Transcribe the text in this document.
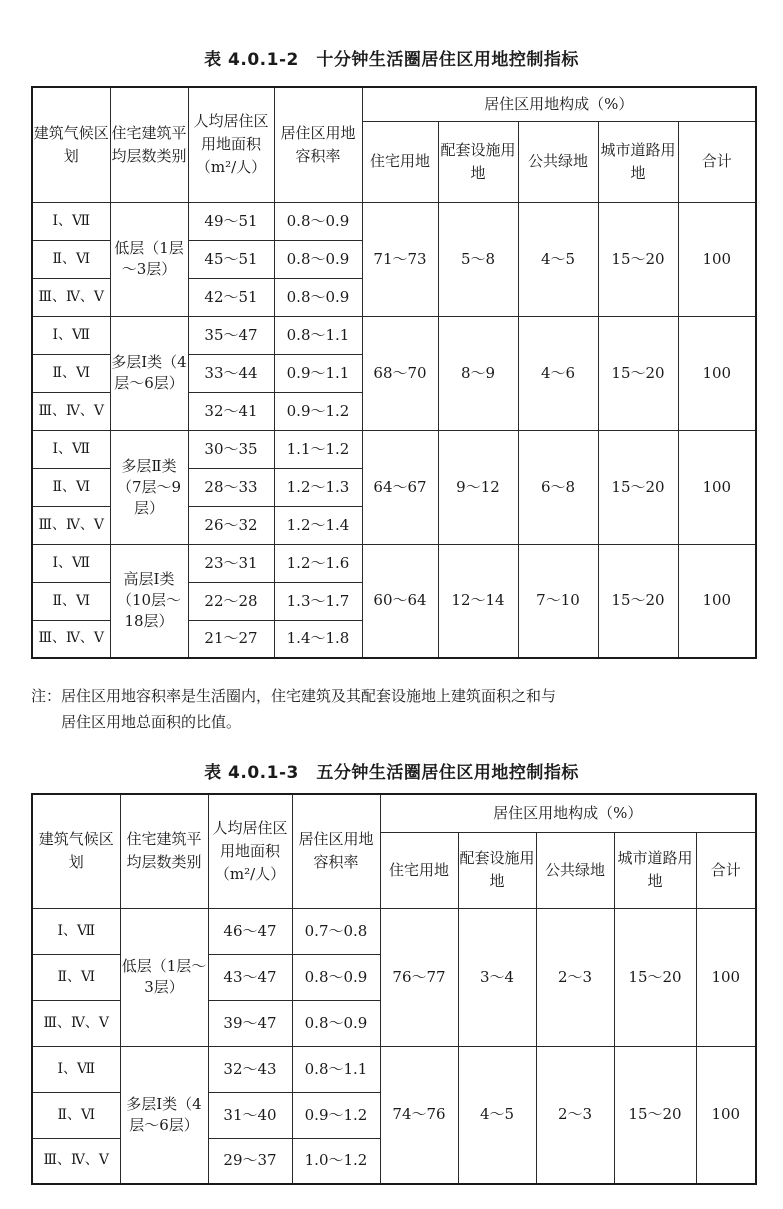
表 4.0.1-2　十分钟生活圈居住区用地控制指标
建筑气候区划	住宅建筑平均层数类别	人均居住区用地面积（m²/人）	居住区用地容积率	居住区用地构成（%）				
				住宅用地	配套设施用地	公共绿地	城市道路用地	合计
Ⅰ、Ⅶ	低层（1层～3层）	49～51	0.8～0.9	71～73	5～8	4～5	15～20	100
Ⅱ、Ⅵ		45～51	0.8～0.9					
Ⅲ、Ⅳ、Ⅴ		42～51	0.8～0.9					
Ⅰ、Ⅶ	多层Ⅰ类（4层～6层）	35～47	0.8～1.1	68～70	8～9	4～6	15～20	100
Ⅱ、Ⅵ		33～44	0.9～1.1					
Ⅲ、Ⅳ、Ⅴ		32～41	0.9～1.2					
Ⅰ、Ⅶ	多层Ⅱ类（7层～9层）	30～35	1.1～1.2	64～67	9～12	6～8	15～20	100
Ⅱ、Ⅵ		28～33	1.2～1.3					
Ⅲ、Ⅳ、Ⅴ		26～32	1.2～1.4					
Ⅰ、Ⅶ	高层Ⅰ类（10层～18层）	23～31	1.2～1.6	60～64	12～14	7～10	15～20	100
Ⅱ、Ⅵ		22～28	1.3～1.7					
Ⅲ、Ⅳ、Ⅴ		21～27	1.4～1.8					
注：居住区用地容积率是生活圈内，住宅建筑及其配套设施地上建筑面积之和与
居住区用地总面积的比值。
表 4.0.1-3　五分钟生活圈居住区用地控制指标
建筑气候区划	住宅建筑平均层数类别	人均居住区用地面积（m²/人）	居住区用地容积率	居住区用地构成（%）				
				住宅用地	配套设施用地	公共绿地	城市道路用地	合计
Ⅰ、Ⅶ	低层（1层～3层）	46～47	0.7～0.8	76～77	3～4	2～3	15～20	100
Ⅱ、Ⅵ		43～47	0.8～0.9					
Ⅲ、Ⅳ、Ⅴ		39～47	0.8～0.9					
Ⅰ、Ⅶ	多层Ⅰ类（4层～6层）	32～43	0.8～1.1	74～76	4～5	2～3	15～20	100
Ⅱ、Ⅵ		31～40	0.9～1.2					
Ⅲ、Ⅳ、Ⅴ		29～37	1.0～1.2					
